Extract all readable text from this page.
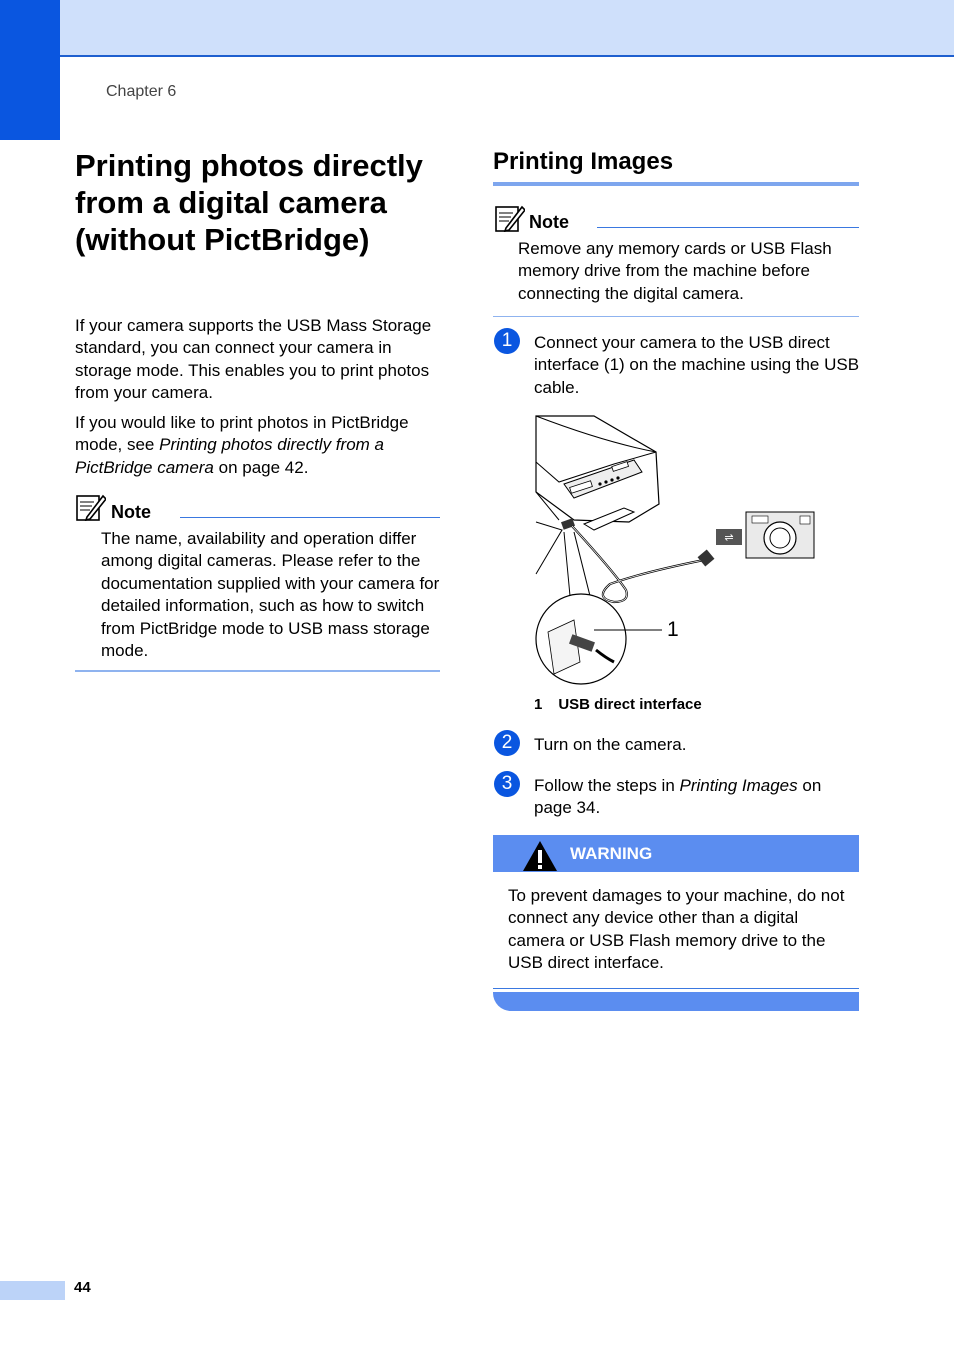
Chapter 6
Printing photos directly from a digital camera (without PictBridge)

If your camera supports the USB Mass Storage standard, you can connect your camera in storage mode. This enables you to print photos from your camera.

If you would like to print photos in PictBridge mode, see Printing photos directly from a PictBridge camera on page 42.

Note

The name, availability and operation differ among digital cameras. Please refer to the documentation supplied with your camera for detailed information, such as how to switch from PictBridge mode to USB mass storage mode.

Printing Images
Note

Remove any memory cards or USB Flash memory drive from the machine before connecting the digital camera.

1	Connect your camera to the USB direct interface (1) on the machine using the USB cable.
⇌
1
1 USB direct interface
2	Turn on the camera.
3	Follow the steps in Printing Images on page 34.
WARNING

To prevent damages to your machine, do not connect any device other than a digital camera or USB Flash memory drive to the USB direct interface.

44
